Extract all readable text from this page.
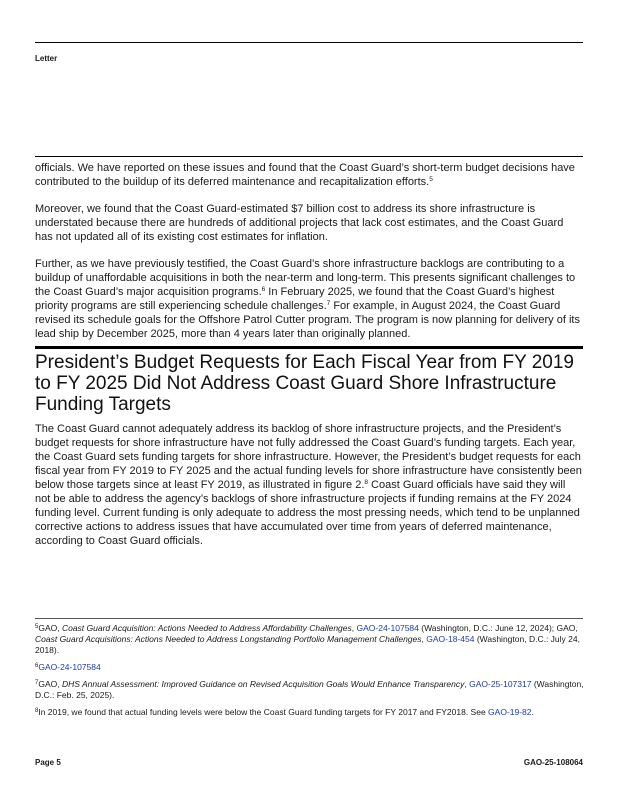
Letter

officials. We have reported on these issues and found that the Coast Guard’s short-term budget decisions have contributed to the buildup of its deferred maintenance and recapitalization efforts.$^5$

Moreover, we found that the Coast Guard-estimated $7 billion cost to address its shore infrastructure is understated because there are hundreds of additional projects that lack cost estimates, and the Coast Guard has not updated all of its existing cost estimates for inflation.

Further, as we have previously testified, the Coast Guard’s shore infrastructure backlogs are contributing to a buildup of unaffordable acquisitions in both the near-term and long-term. This presents significant challenges to the Coast Guard’s major acquisition programs.$^6$ In February 2025, we found that the Coast Guard’s highest priority programs are still experiencing schedule challenges.$^7$ For example, in August 2024, the Coast Guard revised its schedule goals for the Offshore Patrol Cutter program. The program is now planning for delivery of its lead ship by December 2025, more than 4 years later than originally planned.

President’s Budget Requests for Each Fiscal Year from FY 2019 to FY 2025 Did Not Address Coast Guard Shore Infrastructure Funding Targets

The Coast Guard cannot adequately address its backlog of shore infrastructure projects, and the President’s budget requests for shore infrastructure have not fully addressed the Coast Guard’s funding targets. Each year, the Coast Guard sets funding targets for shore infrastructure. However, the President’s budget requests for each fiscal year from FY 2019 to FY 2025 and the actual funding levels for shore infrastructure have consistently been below those targets since at least FY 2019, as illustrated in figure 2.$^8$ Coast Guard officials have said they will not be able to address the agency’s backlogs of shore infrastructure projects if funding remains at the FY 2024 funding level. Current funding is only adequate to address the most pressing needs, which tend to be unplanned corrective actions to address issues that have accumulated over time from years of deferred maintenance, according to Coast Guard officials.

$^5$GAO, Coast Guard Acquisition: Actions Needed to Address Affordability Challenges, GAO-24-107584 (Washington, D.C.: June 12, 2024); GAO, Coast Guard Acquisitions: Actions Needed to Address Longstanding Portfolio Management Challenges, GAO-18-454 (Washington, D.C.: July 24, 2018).

$^6$GAO-24-107584

$^7$GAO, DHS Annual Assessment: Improved Guidance on Revised Acquisition Goals Would Enhance Transparency, GAO-25-107317 (Washington, D.C.: Feb. 25, 2025).

$^8$In 2019, we found that actual funding levels were below the Coast Guard funding targets for FY 2017 and FY2018. See GAO-19-82.

Page 5	GAO-25-108064
